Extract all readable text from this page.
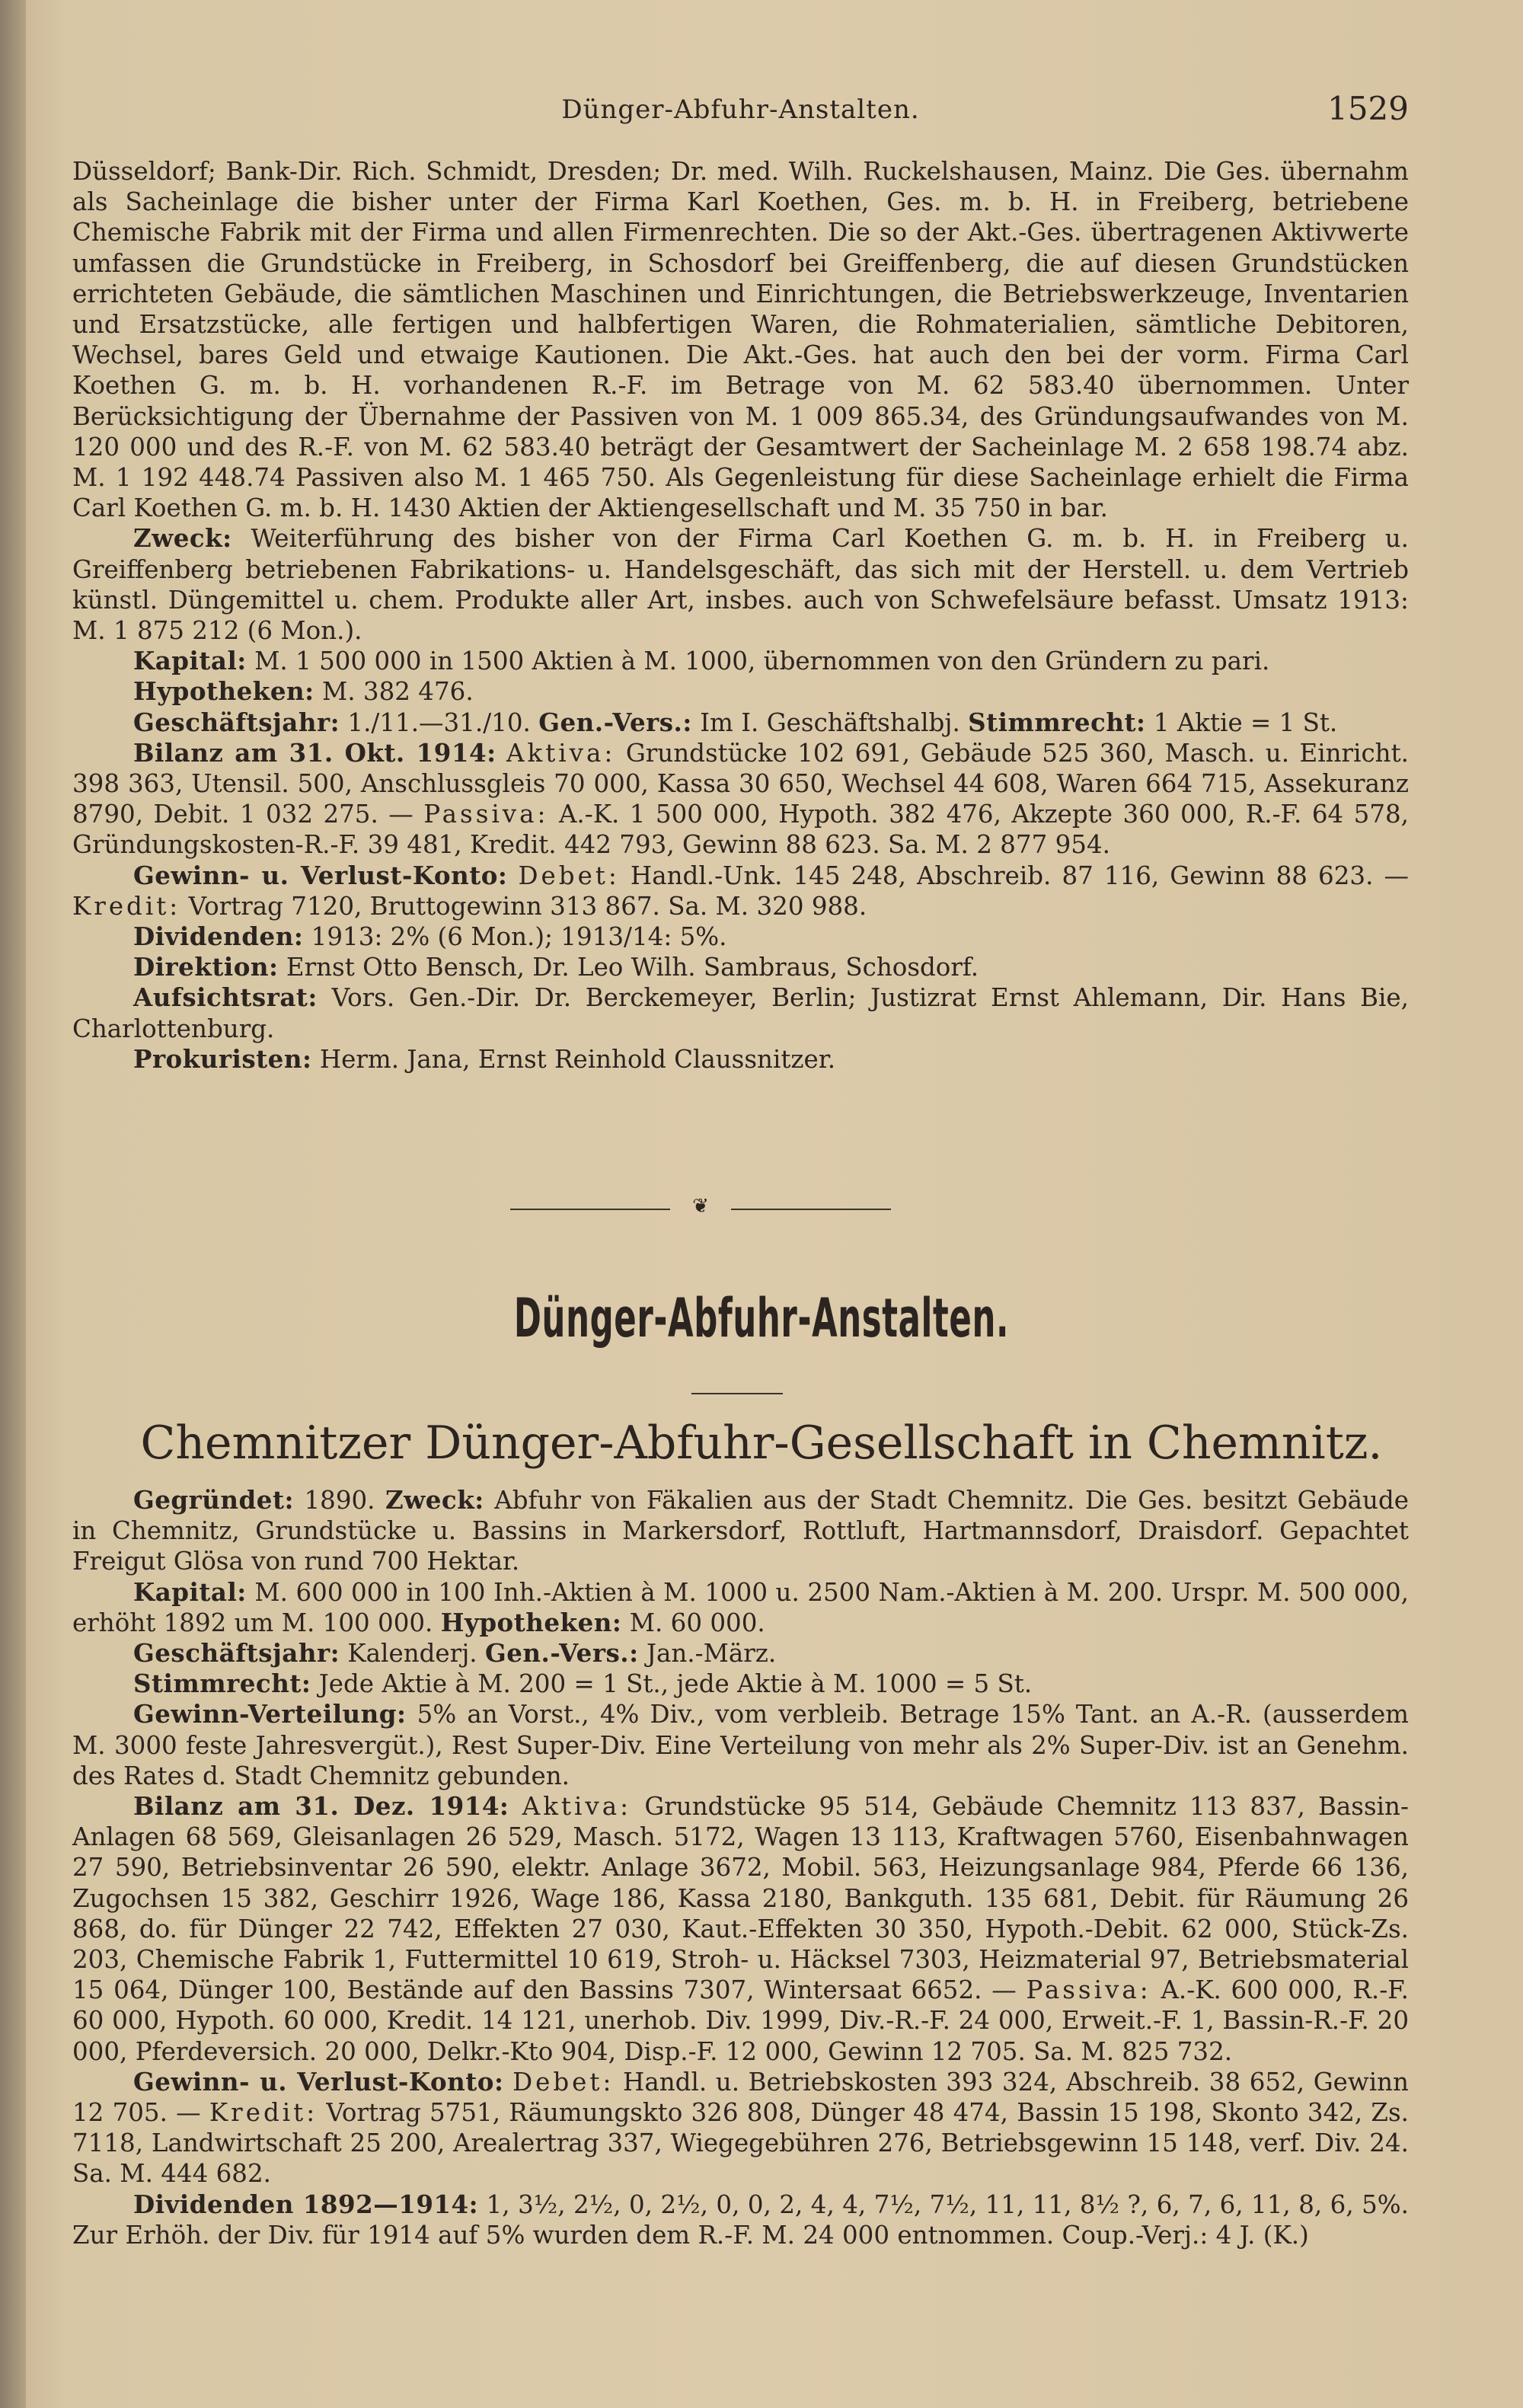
Dünger-Abfuhr-Anstalten.	1529

Düsseldorf; Bank-Dir. Rich. Schmidt, Dresden; Dr. med. Wilh. Ruckelshausen, Mainz. Die Ges. übernahm als Sacheinlage die bisher unter der Firma Karl Koethen, Ges. m. b. H. in Freiberg, betriebene Chemische Fabrik mit der Firma und allen Firmenrechten. Die so der Akt.-Ges. übertragenen Aktivwerte umfassen die Grundstücke in Freiberg, in Schosdorf bei Greiffenberg, die auf diesen Grundstücken errichteten Gebäude, die sämtlichen Maschinen und Einrichtungen, die Betriebswerkzeuge, Inventarien und Ersatzstücke, alle fertigen und halbfertigen Waren, die Rohmaterialien, sämtliche Debitoren, Wechsel, bares Geld und etwaige Kautionen. Die Akt.-Ges. hat auch den bei der vorm. Firma Carl Koethen G. m. b. H. vorhandenen R.-F. im Betrage von M. 62 583.40 übernommen. Unter Berücksichtigung der Übernahme der Passiven von M. 1 009 865.34, des Gründungsaufwandes von M. 120 000 und des R.-F. von M. 62 583.40 beträgt der Gesamtwert der Sacheinlage M. 2 658 198.74 abz. M. 1 192 448.74 Passiven also M. 1 465 750. Als Gegenleistung für diese Sacheinlage erhielt die Firma Carl Koethen G. m. b. H. 1430 Aktien der Aktiengesellschaft und M. 35 750 in bar.

Zweck: Weiterführung des bisher von der Firma Carl Koethen G. m. b. H. in Freiberg u. Greiffenberg betriebenen Fabrikations- u. Handelsgeschäft, das sich mit der Herstell. u. dem Vertrieb künstl. Düngemittel u. chem. Produkte aller Art, insbes. auch von Schwefelsäure befasst. Umsatz 1913: M. 1 875 212 (6 Mon.).

Kapital: M. 1 500 000 in 1500 Aktien à M. 1000, übernommen von den Gründern zu pari.

Hypotheken: M. 382 476.

Geschäftsjahr: 1./11.—31./10. Gen.-Vers.: Im I. Geschäftshalbj. Stimmrecht: 1 Aktie = 1 St.

Bilanz am 31. Okt. 1914: Aktiva: Grundstücke 102 691, Gebäude 525 360, Masch. u. Einricht. 398 363, Utensil. 500, Anschlussgleis 70 000, Kassa 30 650, Wechsel 44 608, Waren 664 715, Assekuranz 8790, Debit. 1 032 275. — Passiva: A.-K. 1 500 000, Hypoth. 382 476, Akzepte 360 000, R.-F. 64 578, Gründungskosten-R.-F. 39 481, Kredit. 442 793, Gewinn 88 623. Sa. M. 2 877 954.

Gewinn- u. Verlust-Konto: Debet: Handl.-Unk. 145 248, Abschreib. 87 116, Gewinn 88 623. — Kredit: Vortrag 7120, Bruttogewinn 313 867. Sa. M. 320 988.

Dividenden: 1913: 2% (6 Mon.); 1913/14: 5%.

Direktion: Ernst Otto Bensch, Dr. Leo Wilh. Sambraus, Schosdorf.

Aufsichtsrat: Vors. Gen.-Dir. Dr. Berckemeyer, Berlin; Justizrat Ernst Ahlemann, Dir. Hans Bie, Charlottenburg.

Prokuristen: Herm. Jana, Ernst Reinhold Claussnitzer.

❦
Dünger-Abfuhr-Anstalten.
Chemnitzer Dünger-Abfuhr-Gesellschaft in Chemnitz.

Gegründet: 1890. Zweck: Abfuhr von Fäkalien aus der Stadt Chemnitz. Die Ges. besitzt Gebäude in Chemnitz, Grundstücke u. Bassins in Markersdorf, Rottluft, Hartmannsdorf, Draisdorf. Gepachtet Freigut Glösa von rund 700 Hektar.

Kapital: M. 600 000 in 100 Inh.-Aktien à M. 1000 u. 2500 Nam.-Aktien à M. 200. Urspr. M. 500 000, erhöht 1892 um M. 100 000. Hypotheken: M. 60 000.

Geschäftsjahr: Kalenderj. Gen.-Vers.: Jan.-März.

Stimmrecht: Jede Aktie à M. 200 = 1 St., jede Aktie à M. 1000 = 5 St.

Gewinn-Verteilung: 5% an Vorst., 4% Div., vom verbleib. Betrage 15% Tant. an A.-R. (ausserdem M. 3000 feste Jahresvergüt.), Rest Super-Div. Eine Verteilung von mehr als 2% Super-Div. ist an Genehm. des Rates d. Stadt Chemnitz gebunden.

Bilanz am 31. Dez. 1914: Aktiva: Grundstücke 95 514, Gebäude Chemnitz 113 837, Bassin-Anlagen 68 569, Gleisanlagen 26 529, Masch. 5172, Wagen 13 113, Kraftwagen 5760, Eisenbahnwagen 27 590, Betriebsinventar 26 590, elektr. Anlage 3672, Mobil. 563, Heizungsanlage 984, Pferde 66 136, Zugochsen 15 382, Geschirr 1926, Wage 186, Kassa 2180, Bankguth. 135 681, Debit. für Räumung 26 868, do. für Dünger 22 742, Effekten 27 030, Kaut.-Effekten 30 350, Hypoth.-Debit. 62 000, Stück-Zs. 203, Chemische Fabrik 1, Futtermittel 10 619, Stroh- u. Häcksel 7303, Heizmaterial 97, Betriebsmaterial 15 064, Dünger 100, Bestände auf den Bassins 7307, Wintersaat 6652. — Passiva: A.-K. 600 000, R.-F. 60 000, Hypoth. 60 000, Kredit. 14 121, unerhob. Div. 1999, Div.-R.-F. 24 000, Erweit.-F. 1, Bassin-R.-F. 20 000, Pferdeversich. 20 000, Delkr.-Kto 904, Disp.-F. 12 000, Gewinn 12 705. Sa. M. 825 732.

Gewinn- u. Verlust-Konto: Debet: Handl. u. Betriebskosten 393 324, Abschreib. 38 652, Gewinn 12 705. — Kredit: Vortrag 5751, Räumungskto 326 808, Dünger 48 474, Bassin 15 198, Skonto 342, Zs. 7118, Landwirtschaft 25 200, Arealertrag 337, Wiegegebühren 276, Betriebsgewinn 15 148, verf. Div. 24. Sa. M. 444 682.

Dividenden 1892—1914: 1, 3½, 2½, 0, 2½, 0, 0, 2, 4, 4, 7½, 7½, 11, 11, 8½ ?, 6, 7, 6, 11, 8, 6, 5%. Zur Erhöh. der Div. für 1914 auf 5% wurden dem R.-F. M. 24 000 entnommen. Coup.-Verj.: 4 J. (K.)
